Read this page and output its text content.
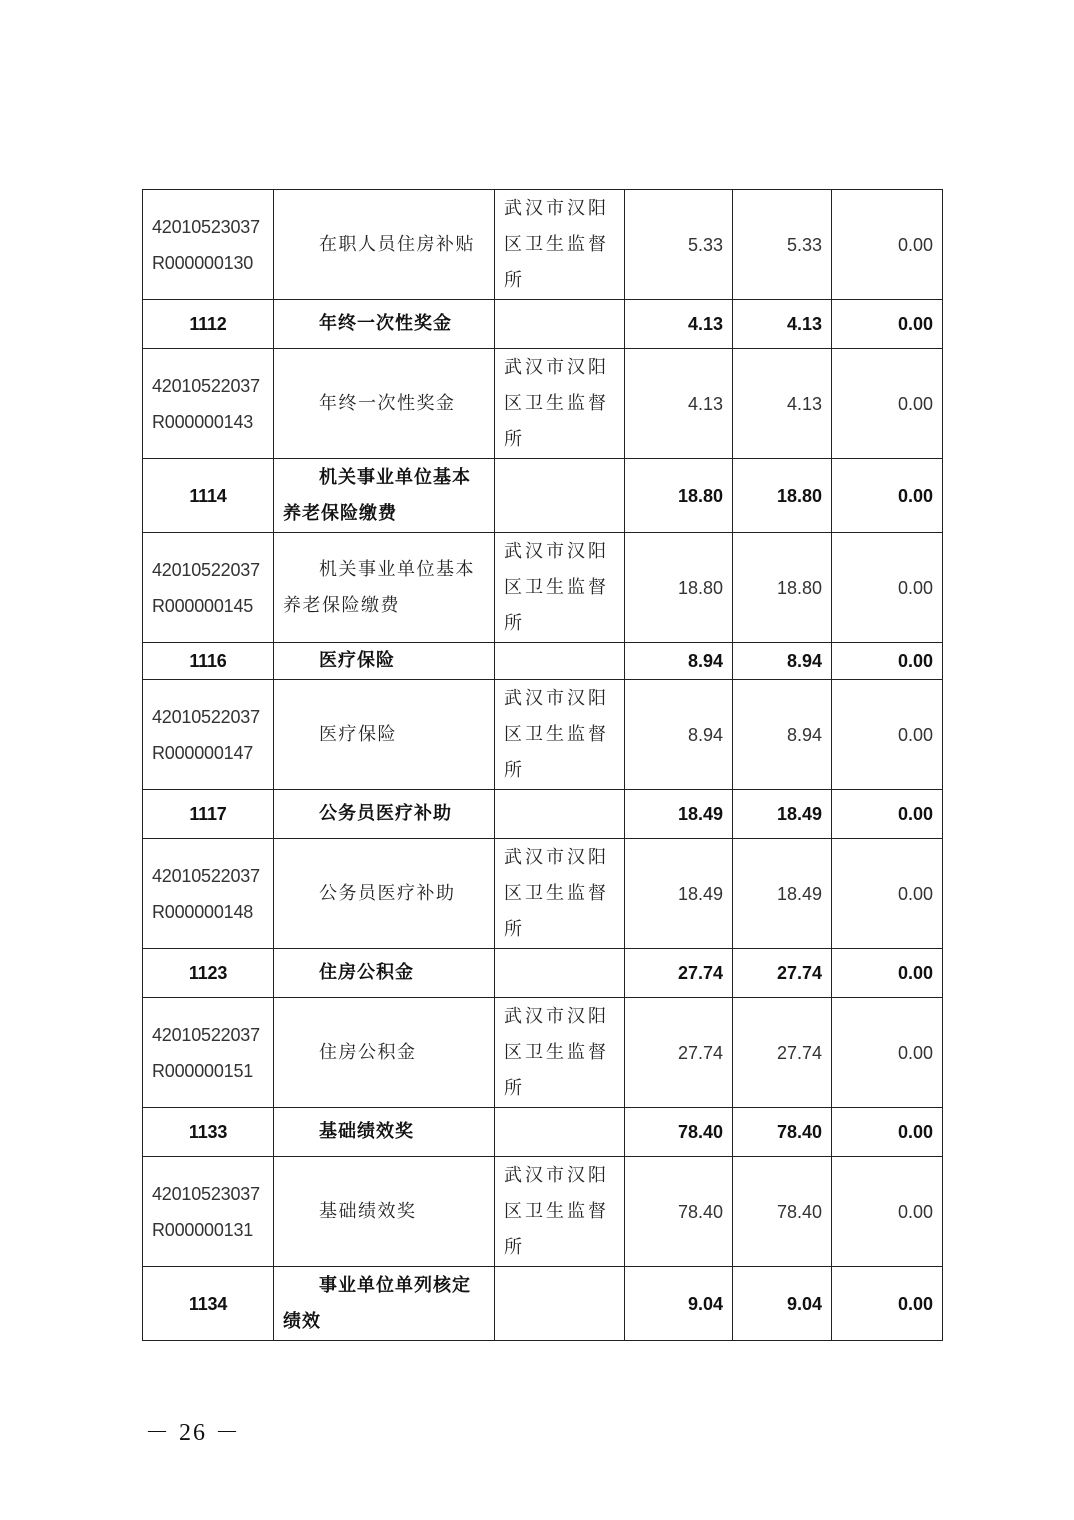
42010523037R000000130	在职人员住房补贴	武汉市汉阳区卫生监督所	5.33	5.33	0.00
1112	年终一次性奖金		4.13	4.13	0.00
42010522037R000000143	年终一次性奖金	武汉市汉阳区卫生监督所	4.13	4.13	0.00
1114	机关事业单位基本养老保险缴费		18.80	18.80	0.00
42010522037R000000145	机关事业单位基本养老保险缴费	武汉市汉阳区卫生监督所	18.80	18.80	0.00
1116	医疗保险		8.94	8.94	0.00
42010522037R000000147	医疗保险	武汉市汉阳区卫生监督所	8.94	8.94	0.00
1117	公务员医疗补助		18.49	18.49	0.00
42010522037R000000148	公务员医疗补助	武汉市汉阳区卫生监督所	18.49	18.49	0.00
1123	住房公积金		27.74	27.74	0.00
42010522037R000000151	住房公积金	武汉市汉阳区卫生监督所	27.74	27.74	0.00
1133	基础绩效奖		78.40	78.40	0.00
42010523037R000000131	基础绩效奖	武汉市汉阳区卫生监督所	78.40	78.40	0.00
1134	事业单位单列核定绩效		9.04	9.04	0.00
－ 26 －
